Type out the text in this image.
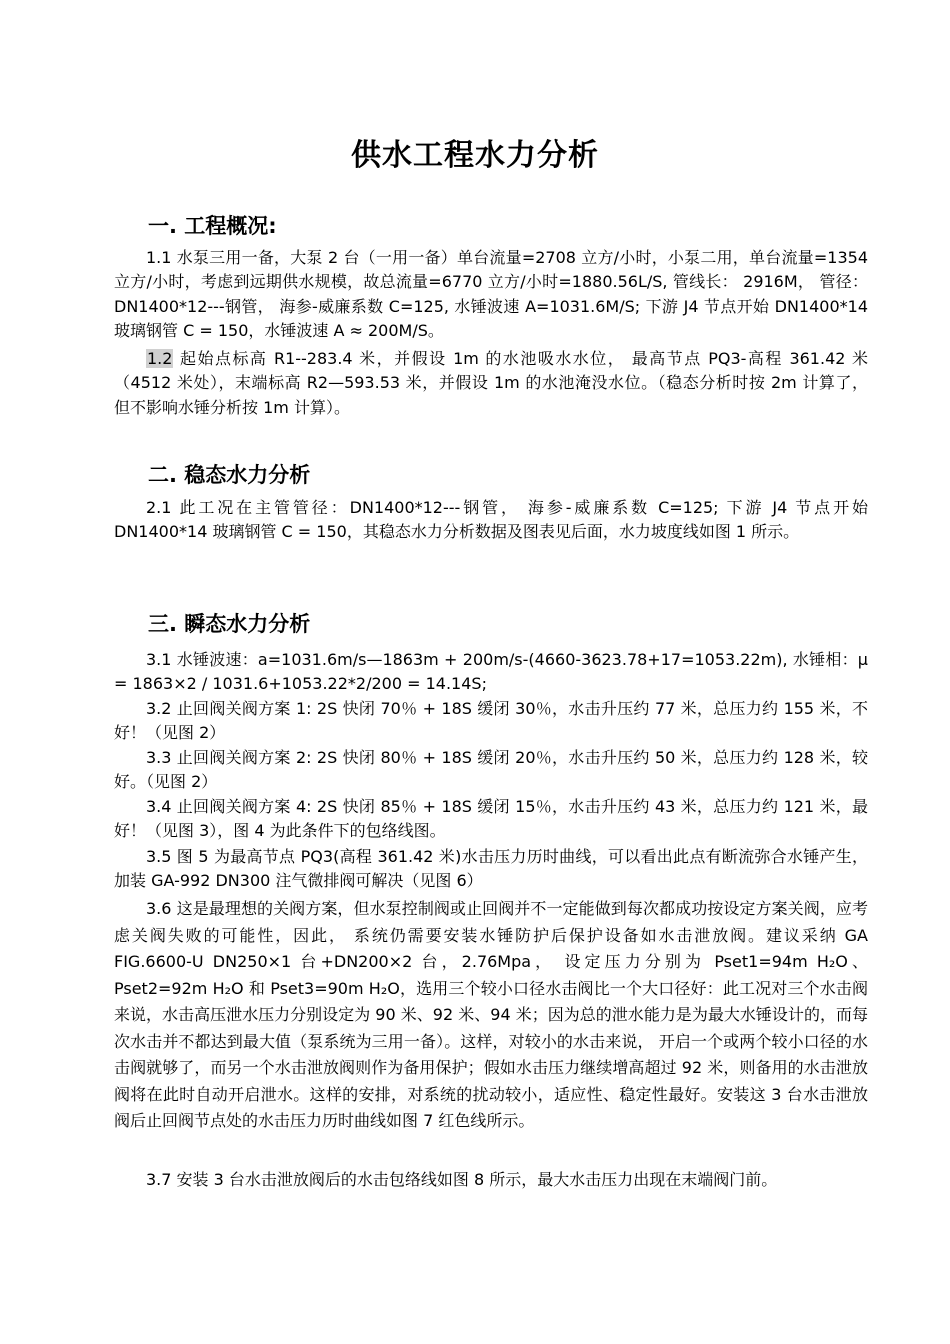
供水工程水力分析
一. 工程概况:

1.1 水泵三用一备，大泵 2 台（一用一备）单台流量=2708 立方/小时，小泵二用，单台流量=1354 立方/小时，考虑到远期供水规模，故总流量=6770 立方/小时=1880.56L/S, 管线长： 2916M， 管径： DN1400*12---钢管， 海参-威廉系数 C=125, 水锤波速 A=1031.6M/S; 下游 J4 节点开始 DN1400*14 玻璃钢管 C = 150，水锤波速 A ≈ 200M/S。

1.2 起始点标高 R1--283.4 米，并假设 1m 的水池吸水水位， 最高节点 PQ3-高程 361.42 米（4512 米处），末端标高 R2—593.53 米，并假设 1m 的水池淹没水位。（稳态分析时按 2m 计算了， 但不影响水锤分析按 1m 计算）。

二. 稳态水力分析

2.1 此工况在主管管径：DN1400*12---钢管， 海参-威廉系数 C=125; 下游 J4 节点开始 DN1400*14 玻璃钢管 C = 150，其稳态水力分析数据及图表见后面，水力坡度线如图 1 所示。

三. 瞬态水力分析

3.1 水锤波速：a=1031.6m/s—1863m + 200m/s-(4660-3623.78+17=1053.22m), 水锤相：μ = 1863×2 / 1031.6+1053.22*2/200 = 14.14S;

3.2 止回阀关阀方案 1: 2S 快闭 70％ + 18S 缓闭 30％，水击升压约 77 米，总压力约 155 米，不好！（见图 2）

3.3 止回阀关阀方案 2: 2S 快闭 80％ + 18S 缓闭 20％，水击升压约 50 米，总压力约 128 米，较好。（见图 2）

3.4 止回阀关阀方案 4: 2S 快闭 85％ + 18S 缓闭 15％，水击升压约 43 米，总压力约 121 米，最好！（见图 3），图 4 为此条件下的包络线图。

3.5 图 5 为最高节点 PQ3(高程 361.42 米)水击压力历时曲线，可以看出此点有断流弥合水锤产生，加装 GA-992 DN300 注气微排阀可解决（见图 6）

3.6 这是最理想的关阀方案，但水泵控制阀或止回阀并不一定能做到每次都成功按设定方案关阀，应考虑关阀失败的可能性，因此， 系统仍需要安装水锤防护后保护设备如水击泄放阀。建议采纳 GA FIG.6600-U DN250×1 台+DN200×2 台，2.76Mpa， 设定压力分别为 Pset1=94m H₂O、Pset2=92m H₂O 和 Pset3=90m H₂O，选用三个较小口径水击阀比一个大口径好：此工况对三个水击阀来说，水击高压泄水压力分别设定为 90 米、92 米、94 米；因为总的泄水能力是为最大水锤设计的，而每次水击并不都达到最大值（泵系统为三用一备）。这样，对较小的水击来说， 开启一个或两个较小口径的水击阀就够了，而另一个水击泄放阀则作为备用保护；假如水击压力继续增高超过 92 米，则备用的水击泄放阀将在此时自动开启泄水。这样的安排，对系统的扰动较小，适应性、稳定性最好。安装这 3 台水击泄放阀后止回阀节点处的水击压力历时曲线如图 7 红色线所示。

3.7 安装 3 台水击泄放阀后的水击包络线如图 8 所示，最大水击压力出现在末端阀门前。
